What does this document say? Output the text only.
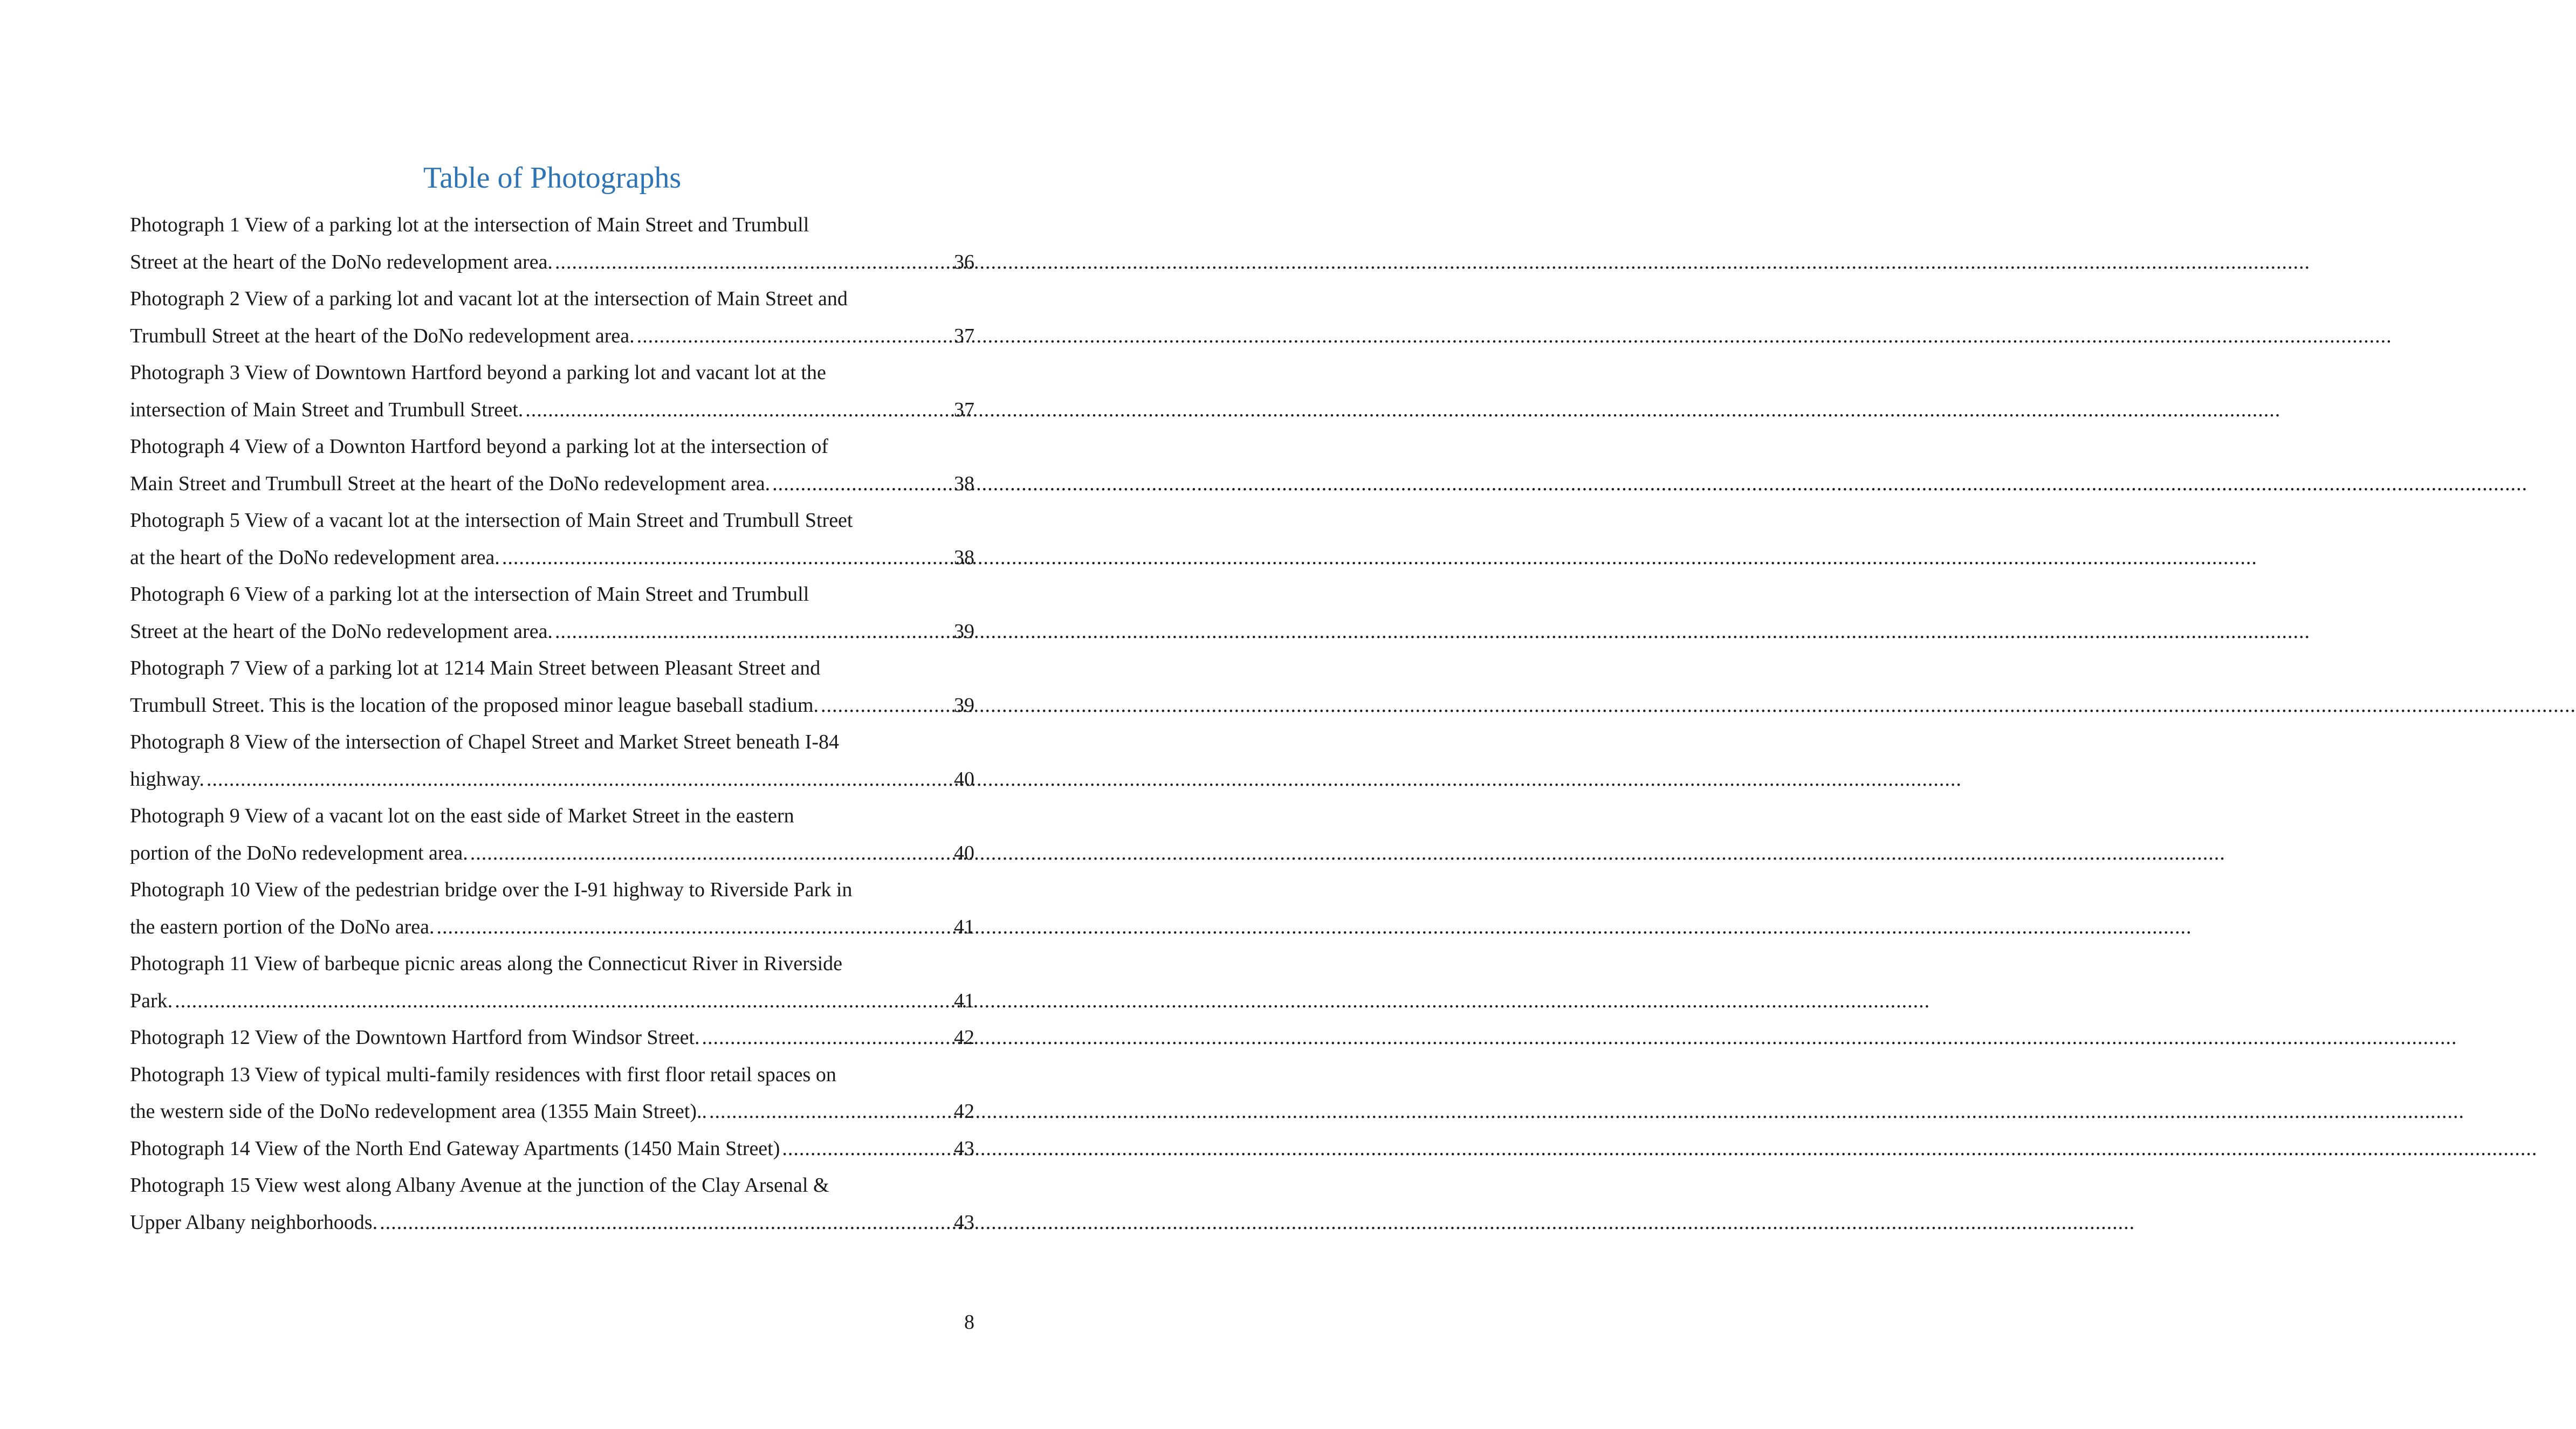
Table of Photographs
Photograph 1 View of a parking lot at the intersection of Main Street and Trumbull
Street at the heart of the DoNo redevelopment area. .....	36
Photograph 2 View of a parking lot and vacant lot at the intersection of Main Street and
Trumbull Street at the heart of the DoNo redevelopment area. .....	37
Photograph 3 View of Downtown Hartford beyond a parking lot and vacant lot at the
intersection of Main Street and Trumbull Street. .....	37
Photograph 4 View of a Downton Hartford beyond a parking lot at the intersection of
Main Street and Trumbull Street at the heart of the DoNo redevelopment area. .....	38
Photograph 5 View of a vacant lot at the intersection of Main Street and Trumbull Street
at the heart of the DoNo redevelopment area. .....	38
Photograph 6 View of a parking lot at the intersection of Main Street and Trumbull
Street at the heart of the DoNo redevelopment area. .....	39
Photograph 7 View of a parking lot at 1214 Main Street between Pleasant Street and
Trumbull Street. This is the location of the proposed minor league baseball stadium. .....	39
Photograph 8 View of the intersection of Chapel Street and Market Street beneath I-84
highway. .....	40
Photograph 9 View of a vacant lot on the east side of Market Street in the eastern
portion of the DoNo redevelopment area. .....	40
Photograph 10 View of the pedestrian bridge over the I-91 highway to Riverside Park in
the eastern portion of the DoNo area. .....	41
Photograph 11 View of barbeque picnic areas along the Connecticut River in Riverside
Park. .....	41
Photograph 12 View of the Downtown Hartford from Windsor Street. .....	42
Photograph 13 View of typical multi-family residences with first floor retail spaces on
the western side of the DoNo redevelopment area (1355 Main Street).. .....	42
Photograph 14 View of the North End Gateway Apartments (1450 Main Street) .....	43
Photograph 15 View west along Albany Avenue at the junction of the Clay Arsenal &
Upper Albany neighborhoods. .....	43

8
